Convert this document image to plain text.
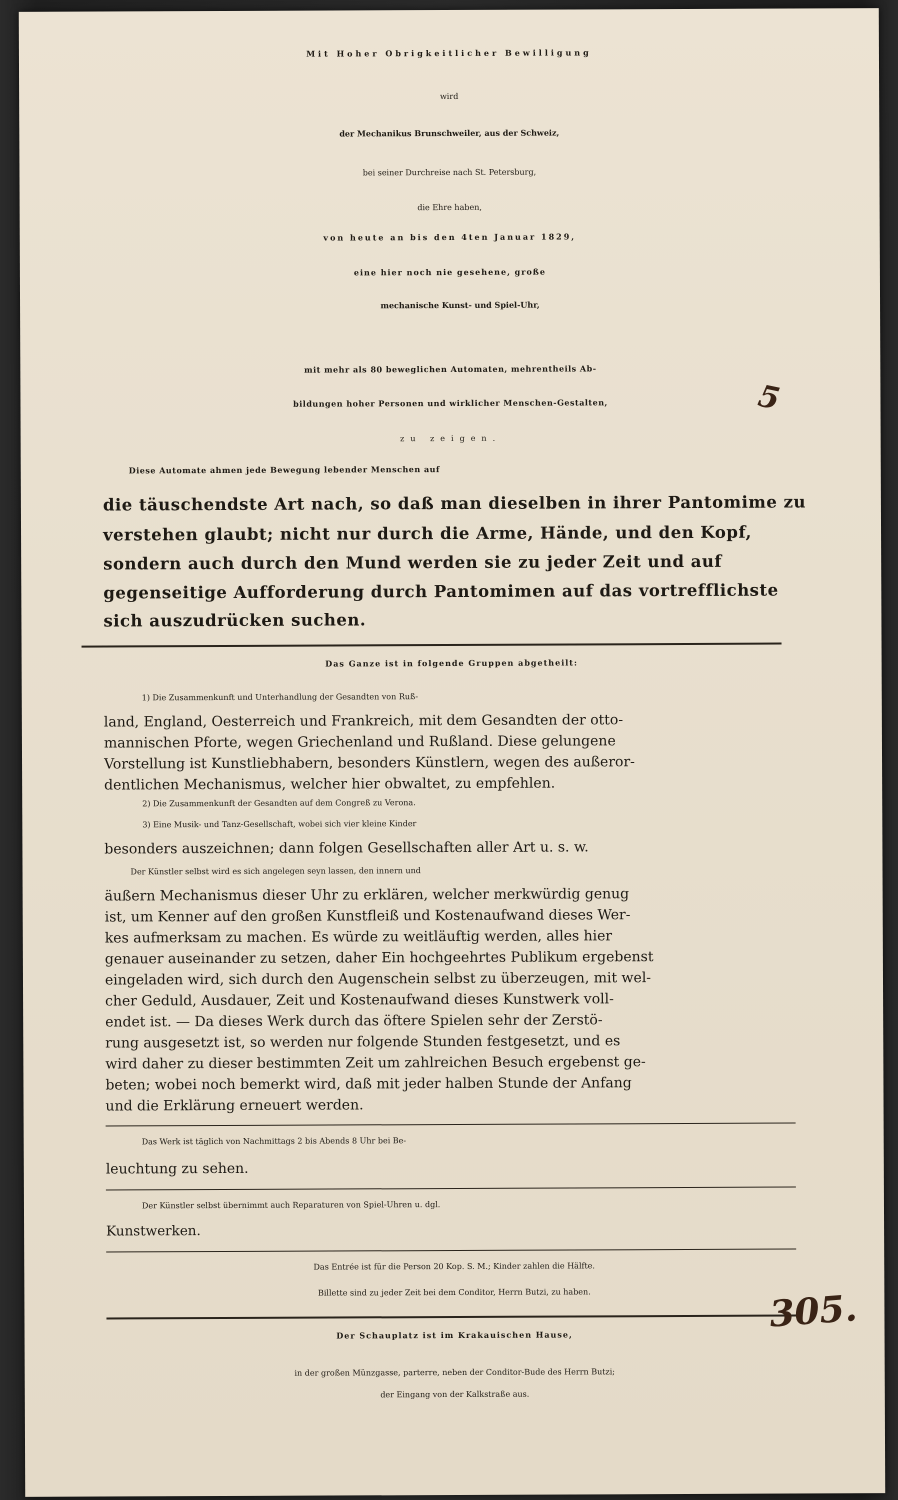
Mit Hoher Obrigkeitlicher Bewilligung
wird
der Mechanikus Brunschweiler, aus der Schweiz,
bei seiner Durchreise nach St. Petersburg,
die Ehre haben,
von heute an bis den 4ten Januar 1829,
eine hier noch nie gesehene, große
mechanische Kunst- und Spiel-Uhr,
mit mehr als 80 beweglichen Automaten, mehrentheils Ab-
bildungen hoher Personen und wirklicher Menschen-Gestalten,
zu zeigen.
Diese Automate ahmen jede Bewegung lebender Menschen auf
die täuschendste Art nach, so daß man dieselben in ihrer Pantomime zu
verstehen glaubt; nicht nur durch die Arme, Hände, und den Kopf,
sondern auch durch den Mund werden sie zu jeder Zeit und auf
gegenseitige Aufforderung durch Pantomimen auf das vortrefflichste
sich auszudrücken suchen.
Das Ganze ist in folgende Gruppen abgetheilt:
1) Die Zusammenkunft und Unterhandlung der Gesandten von Ruß-
land, England, Oesterreich und Frankreich, mit dem Gesandten der otto-
mannischen Pforte, wegen Griechenland und Rußland. Diese gelungene
Vorstellung ist Kunstliebhabern, besonders Künstlern, wegen des außeror-
dentlichen Mechanismus, welcher hier obwaltet, zu empfehlen.
2) Die Zusammenkunft der Gesandten auf dem Congreß zu Verona.
3) Eine Musik- und Tanz-Gesellschaft, wobei sich vier kleine Kinder
besonders auszeichnen; dann folgen Gesellschaften aller Art u. s. w.
Der Künstler selbst wird es sich angelegen seyn lassen, den innern und
äußern Mechanismus dieser Uhr zu erklären, welcher merkwürdig genug
ist, um Kenner auf den großen Kunstfleiß und Kostenaufwand dieses Wer-
kes aufmerksam zu machen. Es würde zu weitläuftig werden, alles hier
genauer auseinander zu setzen, daher Ein hochgeehrtes Publikum ergebenst
eingeladen wird, sich durch den Augenschein selbst zu überzeugen, mit wel-
cher Geduld, Ausdauer, Zeit und Kostenaufwand dieses Kunstwerk voll-
endet ist. — Da dieses Werk durch das öftere Spielen sehr der Zerstö-
rung ausgesetzt ist, so werden nur folgende Stunden festgesetzt, und es
wird daher zu dieser bestimmten Zeit um zahlreichen Besuch ergebenst ge-
beten; wobei noch bemerkt wird, daß mit jeder halben Stunde der Anfang
und die Erklärung erneuert werden.
Das Werk ist täglich von Nachmittags 2 bis Abends 8 Uhr bei Be-
leuchtung zu sehen.
Der Künstler selbst übernimmt auch Reparaturen von Spiel-Uhren u. dgl.
Kunstwerken.
Das Entrée ist für die Person 20 Kop. S. M.; Kinder zahlen die Hälfte.
Billette sind zu jeder Zeit bei dem Conditor, Herrn Butzi, zu haben.
Der Schauplatz ist im Krakauischen Hause,
in der großen Münzgasse, parterre, neben der Conditor-Bude des Herrn Butzi;
der Eingang von der Kalkstraße aus.
305.
5
